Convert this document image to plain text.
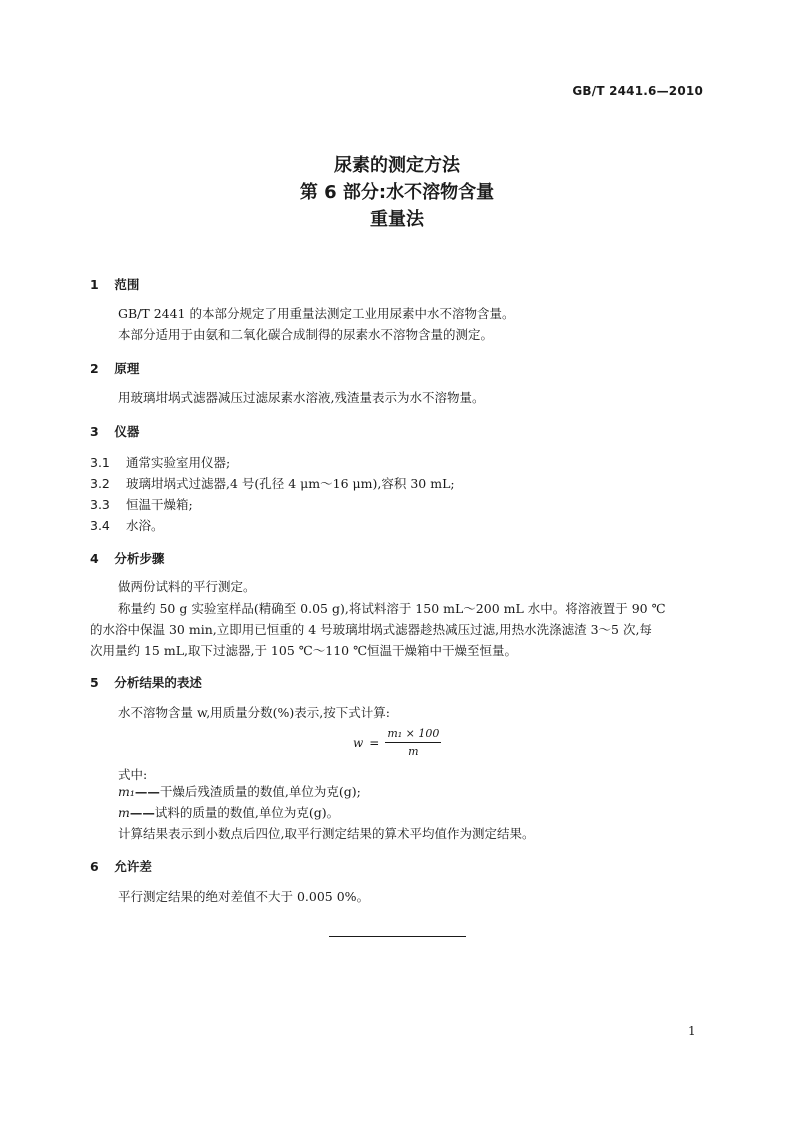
GB/T 2441.6—2010
尿素的测定方法
第 6 部分:水不溶物含量
重量法
1 范围
GB/T 2441 的本部分规定了用重量法测定工业用尿素中水不溶物含量。
本部分适用于由氨和二氧化碳合成制得的尿素水不溶物含量的测定。
2 原理
用玻璃坩埚式滤器减压过滤尿素水溶液,残渣量表示为水不溶物量。
3 仪器
3.1 通常实验室用仪器;
3.2 玻璃坩埚式过滤器,4 号(孔径 4 μm～16 μm),容积 30 mL;
3.3 恒温干燥箱;
3.4 水浴。
4 分析步骤
做两份试料的平行测定。
称量约 50 g 实验室样品(精确至 0.05 g),将试料溶于 150 mL～200 mL 水中。将溶液置于 90 ℃
的水浴中保温 30 min,立即用已恒重的 4 号玻璃坩埚式滤器趁热减压过滤,用热水洗涤滤渣 3～5 次,每
次用量约 15 mL,取下过滤器,于 105 ℃～110 ℃恒温干燥箱中干燥至恒量。
5 分析结果的表述
水不溶物含量 w,用质量分数(%)表示,按下式计算:
$w = \frac{\text{m₁ × 100}}{m}$
式中:
m₁——干燥后残渣质量的数值,单位为克(g);
m——试料的质量的数值,单位为克(g)。
计算结果表示到小数点后四位,取平行测定结果的算术平均值作为测定结果。
6 允许差
平行测定结果的绝对差值不大于 0.005 0%。
1
